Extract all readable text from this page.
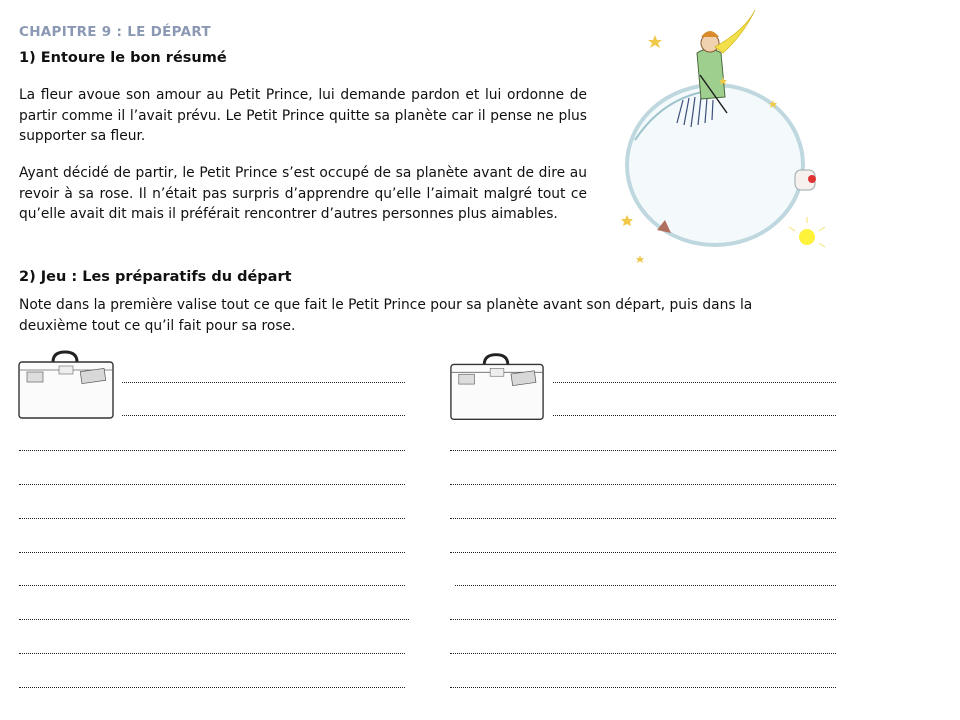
CHAPITRE 9 : LE DÉPART
1) Entoure le bon résumé
La fleur avoue son amour au Petit Prince, lui demande pardon et lui ordonne de partir comme il l’avait prévu. Le Petit Prince quitte sa planète car il pense ne plus supporter sa fleur.
Ayant décidé de partir, le Petit Prince s’est occupé de sa planète avant de dire au revoir à sa rose. Il n’était pas surpris d’apprendre qu’elle l’aimait malgré tout ce qu’elle avait dit mais il préférait rencontrer d’autres personnes plus aimables.
2) Jeu : Les préparatifs du départ
Note dans la première valise tout ce que fait le Petit Prince pour sa planète avant son départ, puis dans la deuxième tout ce qu’il fait pour sa rose.
